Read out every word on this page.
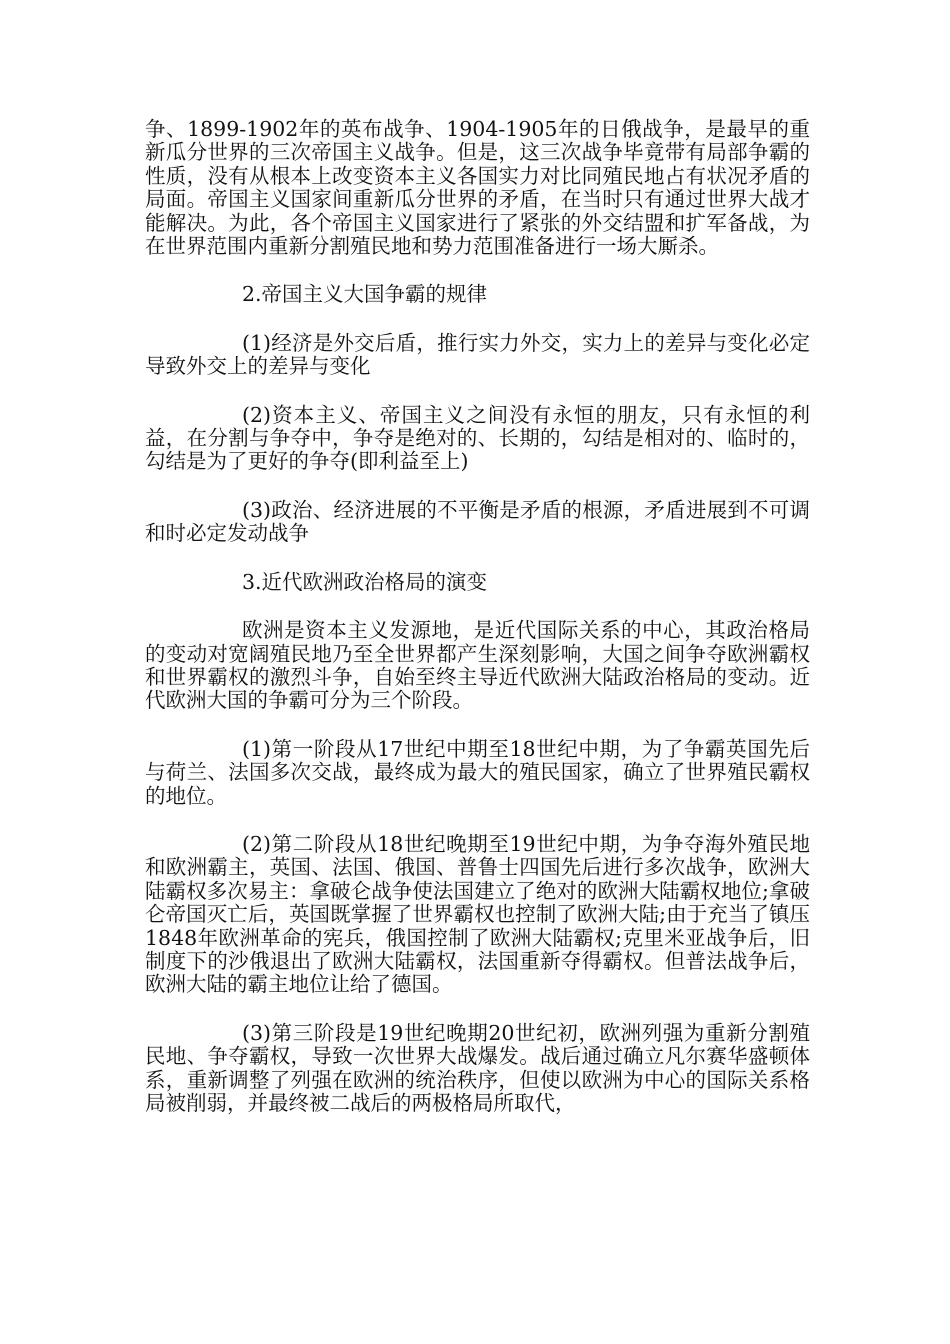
争、1899-1902年的英布战争、1904-1905年的日俄战争，是最早的重新瓜分世界的三次帝国主义战争。但是，这三次战争毕竟带有局部争霸的性质，没有从根本上改变资本主义各国实力对比同殖民地占有状况矛盾的局面。帝国主义国家间重新瓜分世界的矛盾，在当时只有通过世界大战才能解决。为此，各个帝国主义国家进行了紧张的外交结盟和扩军备战，为在世界范围内重新分割殖民地和势力范围准备进行一场大厮杀。

2.帝国主义大国争霸的规律

(1)经济是外交后盾，推行实力外交，实力上的差异与变化必定导致外交上的差异与变化

(2)资本主义、帝国主义之间没有永恒的朋友，只有永恒的利益，在分割与争夺中，争夺是绝对的、长期的，勾结是相对的、临时的，勾结是为了更好的争夺(即利益至上)

(3)政治、经济进展的不平衡是矛盾的根源，矛盾进展到不可调和时必定发动战争

3.近代欧洲政治格局的演变

欧洲是资本主义发源地，是近代国际关系的中心，其政治格局的变动对宽阔殖民地乃至全世界都产生深刻影响，大国之间争夺欧洲霸权和世界霸权的激烈斗争，自始至终主导近代欧洲大陆政治格局的变动。近代欧洲大国的争霸可分为三个阶段。

(1)第一阶段从17世纪中期至18世纪中期，为了争霸英国先后与荷兰、法国多次交战，最终成为最大的殖民国家，确立了世界殖民霸权的地位。

(2)第二阶段从18世纪晚期至19世纪中期，为争夺海外殖民地和欧洲霸主，英国、法国、俄国、普鲁士四国先后进行多次战争，欧洲大陆霸权多次易主：拿破仑战争使法国建立了绝对的欧洲大陆霸权地位;拿破仑帝国灭亡后，英国既掌握了世界霸权也控制了欧洲大陆;由于充当了镇压1848年欧洲革命的宪兵，俄国控制了欧洲大陆霸权;克里米亚战争后，旧制度下的沙俄退出了欧洲大陆霸权，法国重新夺得霸权。但普法战争后，欧洲大陆的霸主地位让给了德国。

(3)第三阶段是19世纪晚期20世纪初，欧洲列强为重新分割殖民地、争夺霸权，导致一次世界大战爆发。战后通过确立凡尔赛华盛顿体系，重新调整了列强在欧洲的统治秩序，但使以欧洲为中心的国际关系格局被削弱，并最终被二战后的两极格局所取代，
